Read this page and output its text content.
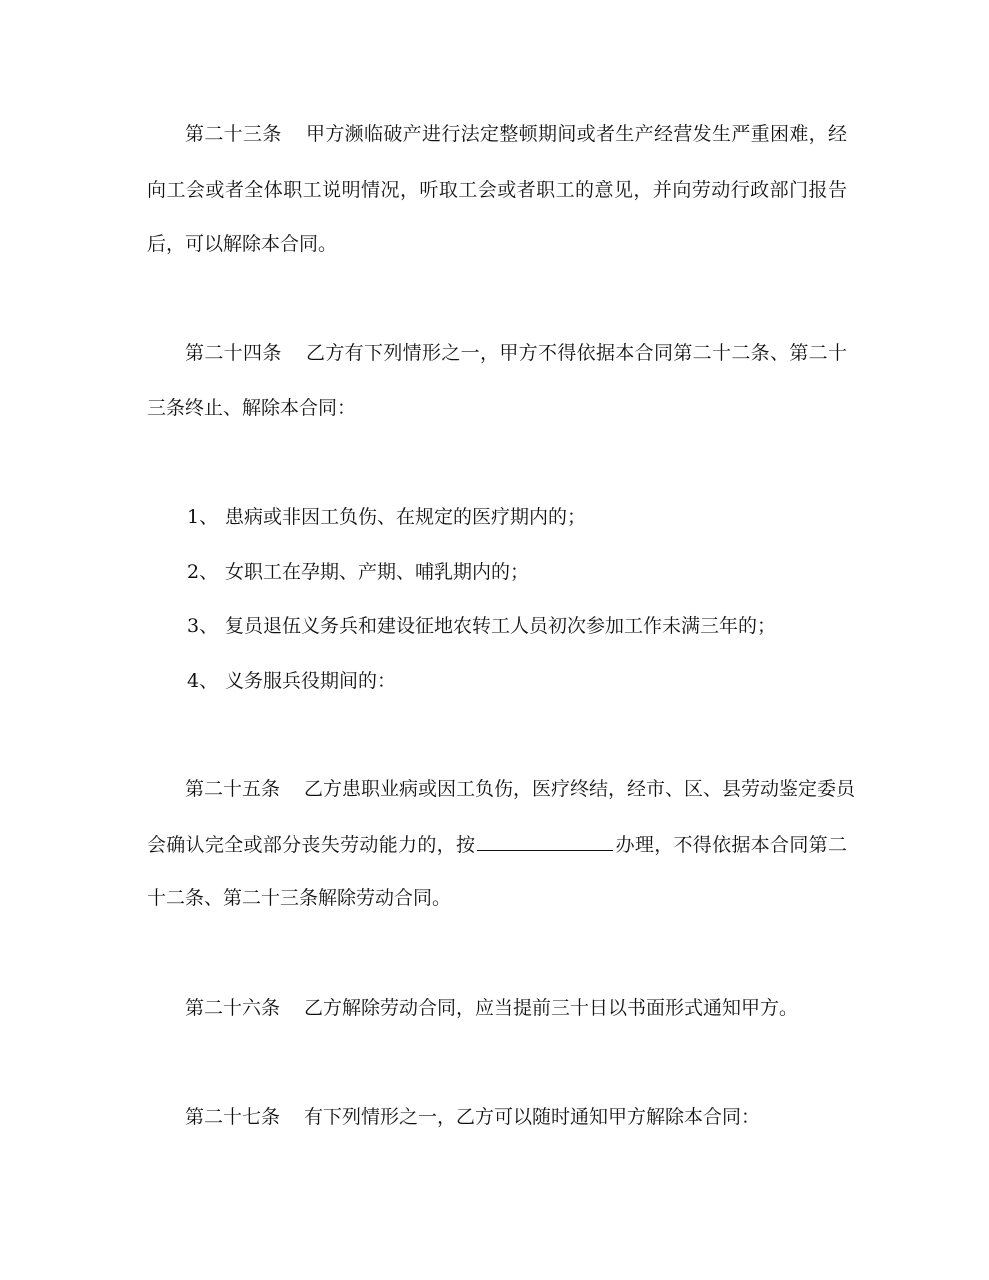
第二十三条 甲方濒临破产进行法定整顿期间或者生产经营发生严重困难，经
向工会或者全体职工说明情况，听取工会或者职工的意见，并向劳动行政部门报告
后，可以解除本合同。
第二十四条 乙方有下列情形之一，甲方不得依据本合同第二十二条、第二十
三条终止、解除本合同：
1、 患病或非因工负伤、在规定的医疗期内的；
2、 女职工在孕期、产期、哺乳期内的；
3、 复员退伍义务兵和建设征地农转工人员初次参加工作未满三年的；
4、 义务服兵役期间的：
第二十五条 乙方患职业病或因工负伤，医疗终结，经市、区、县劳动鉴定委员
会确认完全或部分丧失劳动能力的，按	办理，不得依据本合同第二
十二条、第二十三条解除劳动合同。
第二十六条 乙方解除劳动合同，应当提前三十日以书面形式通知甲方。
第二十七条 有下列情形之一，乙方可以随时通知甲方解除本合同：
